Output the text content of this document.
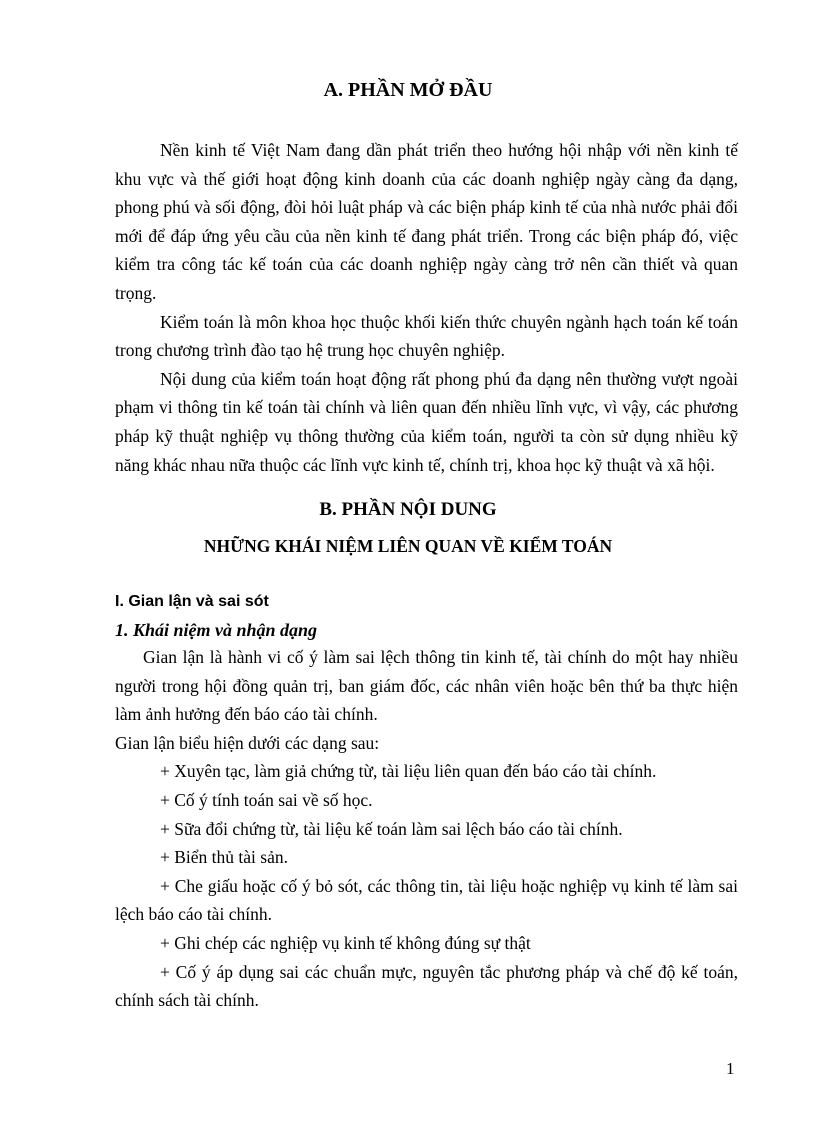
A. PHẦN MỞ ĐẦU

Nền kinh tế Việt Nam đang dần phát triển theo hướng hội nhập với nền kinh tế khu vực và thế giới hoạt động kinh doanh của các doanh nghiệp ngày càng đa dạng, phong phú và sối động, đòi hỏi luật pháp và các biện pháp kinh tế của nhà nước phải đổi mới để đáp ứng yêu cầu của nền kinh tế đang phát triển. Trong các biện pháp đó, việc kiểm tra công tác kế toán của các doanh nghiệp ngày càng trở nên cần thiết và quan trọng.

Kiểm toán là môn khoa học thuộc khối kiến thức chuyên ngành hạch toán kế toán trong chương trình đào tạo hệ trung học chuyên nghiệp.

Nội dung của kiểm toán hoạt động rất phong phú đa dạng nên thường vượt ngoài phạm vi thông tin kế toán tài chính và liên quan đến nhiều lĩnh vực, vì vậy, các phương pháp kỹ thuật nghiệp vụ thông thường của kiểm toán, người ta còn sử dụng nhiều kỹ năng khác nhau nữa thuộc các lĩnh vực kinh tế, chính trị, khoa học kỹ thuật và xã hội.

B. PHẦN NỘI DUNG
NHỮNG KHÁI NIỆM LIÊN QUAN VỀ KIỂM TOÁN
I. Gian lận và sai sót
1. Khái niệm và nhận dạng

Gian lận là hành vi cố ý làm sai lệch thông tin kinh tế, tài chính do một hay nhiều người trong hội đồng quản trị, ban giám đốc, các nhân viên hoặc bên thứ ba thực hiện làm ảnh hưởng đến báo cáo tài chính.

Gian lận biểu hiện dưới các dạng sau:

+ Xuyên tạc, làm giả chứng từ, tài liệu liên quan đến báo cáo tài chính.

+ Cố ý tính toán sai về số học.

+ Sữa đổi chứng từ, tài liệu kế toán làm sai lệch báo cáo tài chính.

+ Biển thủ tài sản.

+ Che giấu hoặc cố ý bỏ sót, các thông tin, tài liệu hoặc nghiệp vụ kinh tế làm sai lệch báo cáo tài chính.

+ Ghi chép các nghiệp vụ kinh tế không đúng sự thật

+ Cố ý áp dụng sai các chuẩn mực, nguyên tắc phương pháp và chế độ kế toán, chính sách tài chính.

1
